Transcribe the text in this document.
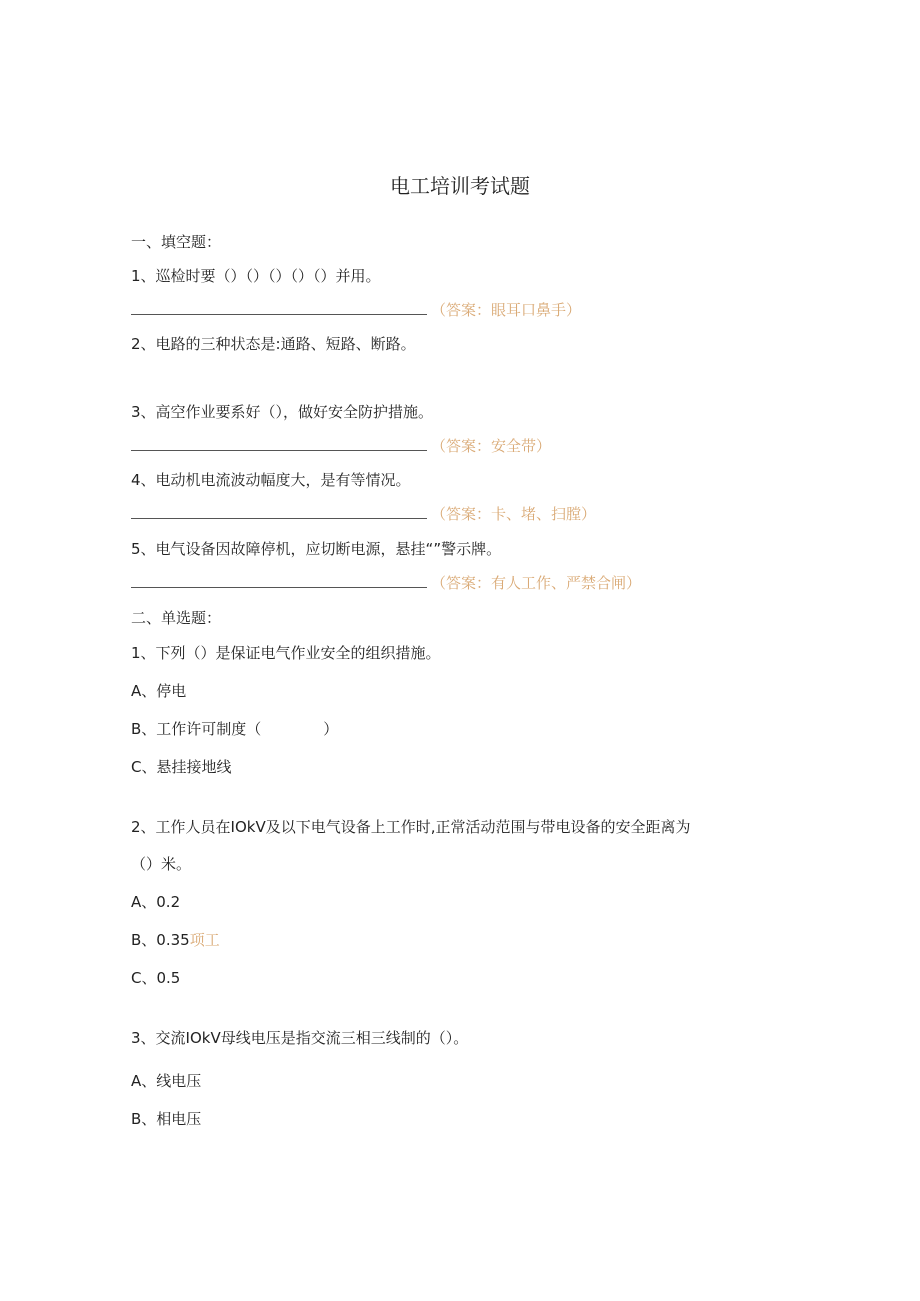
电工培训考试题
一、填空题：
1、巡检时要（）（）（）（）（）并用。
（答案：眼耳口鼻手）
2、电路的三种状态是:通路、短路、断路。
3、高空作业要系好（），做好安全防护措施。
（答案：安全带）
4、电动机电流波动幅度大，是有等情况。
（答案：卡、堵、扫膛）
5、电气设备因故障停机，应切断电源，悬挂“”警示牌。
（答案：有人工作、严禁合闸）
二、单选题：
1、下列（）是保证电气作业安全的组织措施。
A、停电
B、工作许可制度（	）
C、悬挂接地线
2、工作人员在IOkV及以下电气设备上工作时,正常活动范围与带电设备的安全距离为
（）米。
A、0.2
B、0.35项工
C、0.5
3、交流IOkV母线电压是指交流三相三线制的（）。
A、线电压
B、相电压
